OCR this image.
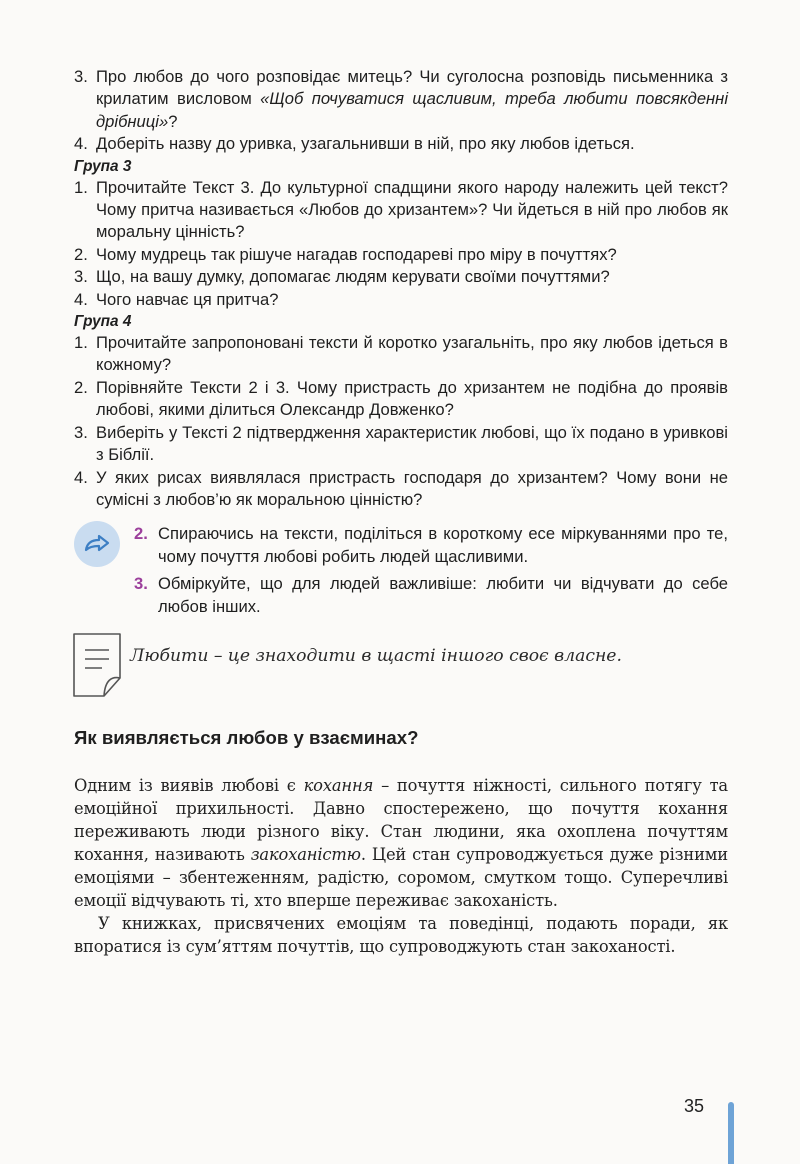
3. Про любов до чого розповідає митець? Чи суголосна розповідь письменника з крилатим висловом «Щоб почуватися щасливим, треба любити повсякденні дрібниці»?
4. Доберіть назву до уривка, узагальнивши в ній, про яку любов ідеться.
Група 3
1. Прочитайте Текст 3. До культурної спадщини якого народу належить цей текст? Чому притча називається «Любов до хризантем»? Чи йдеться в ній про любов як моральну цінність?
2. Чому мудрець так рішуче нагадав господареві про міру в почуттях?
3. Що, на вашу думку, допомагає людям керувати своїми почуттями?
4. Чого навчає ця притча?
Група 4
1. Прочитайте запропоновані тексти й коротко узагальніть, про яку любов ідеться в кожному?
2. Порівняйте Тексти 2 і 3. Чому пристрасть до хризантем не подібна до проявів любові, якими ділиться Олександр Довженко?
3. Виберіть у Тексті 2 підтвердження характеристик любові, що їх подано в уривкові з Біблії.
4. У яких рисах виявлялася пристрасть господаря до хризантем? Чому вони не сумісні з любов’ю як моральною цінністю?
2. Спираючись на тексти, поділіться в короткому есе міркуваннями про те, чому почуття любові робить людей щасливими.
3. Обміркуйте, що для людей важливіше: любити чи відчувати до себе любов інших.
Любити – це знаходити в щасті іншого своє власне.
Як виявляється любов у взаєминах?

Одним із виявів любові є кохання – почуття ніжності, сильного потягу та емоційної прихильності. Давно спостережено, що почуття кохання переживають люди різного віку. Стан людини, яка охоплена почуттям кохання, називають закоханістю. Цей стан супроводжується дуже різними емоціями – збентеженням, радістю, соромом, смутком тощо. Суперечливі емоції відчувають ті, хто вперше переживає закоханість.

У книжках, присвячених емоціям та поведінці, подають поради, як впоратися із сум’яттям почуттів, що супроводжують стан закоханості.

35
